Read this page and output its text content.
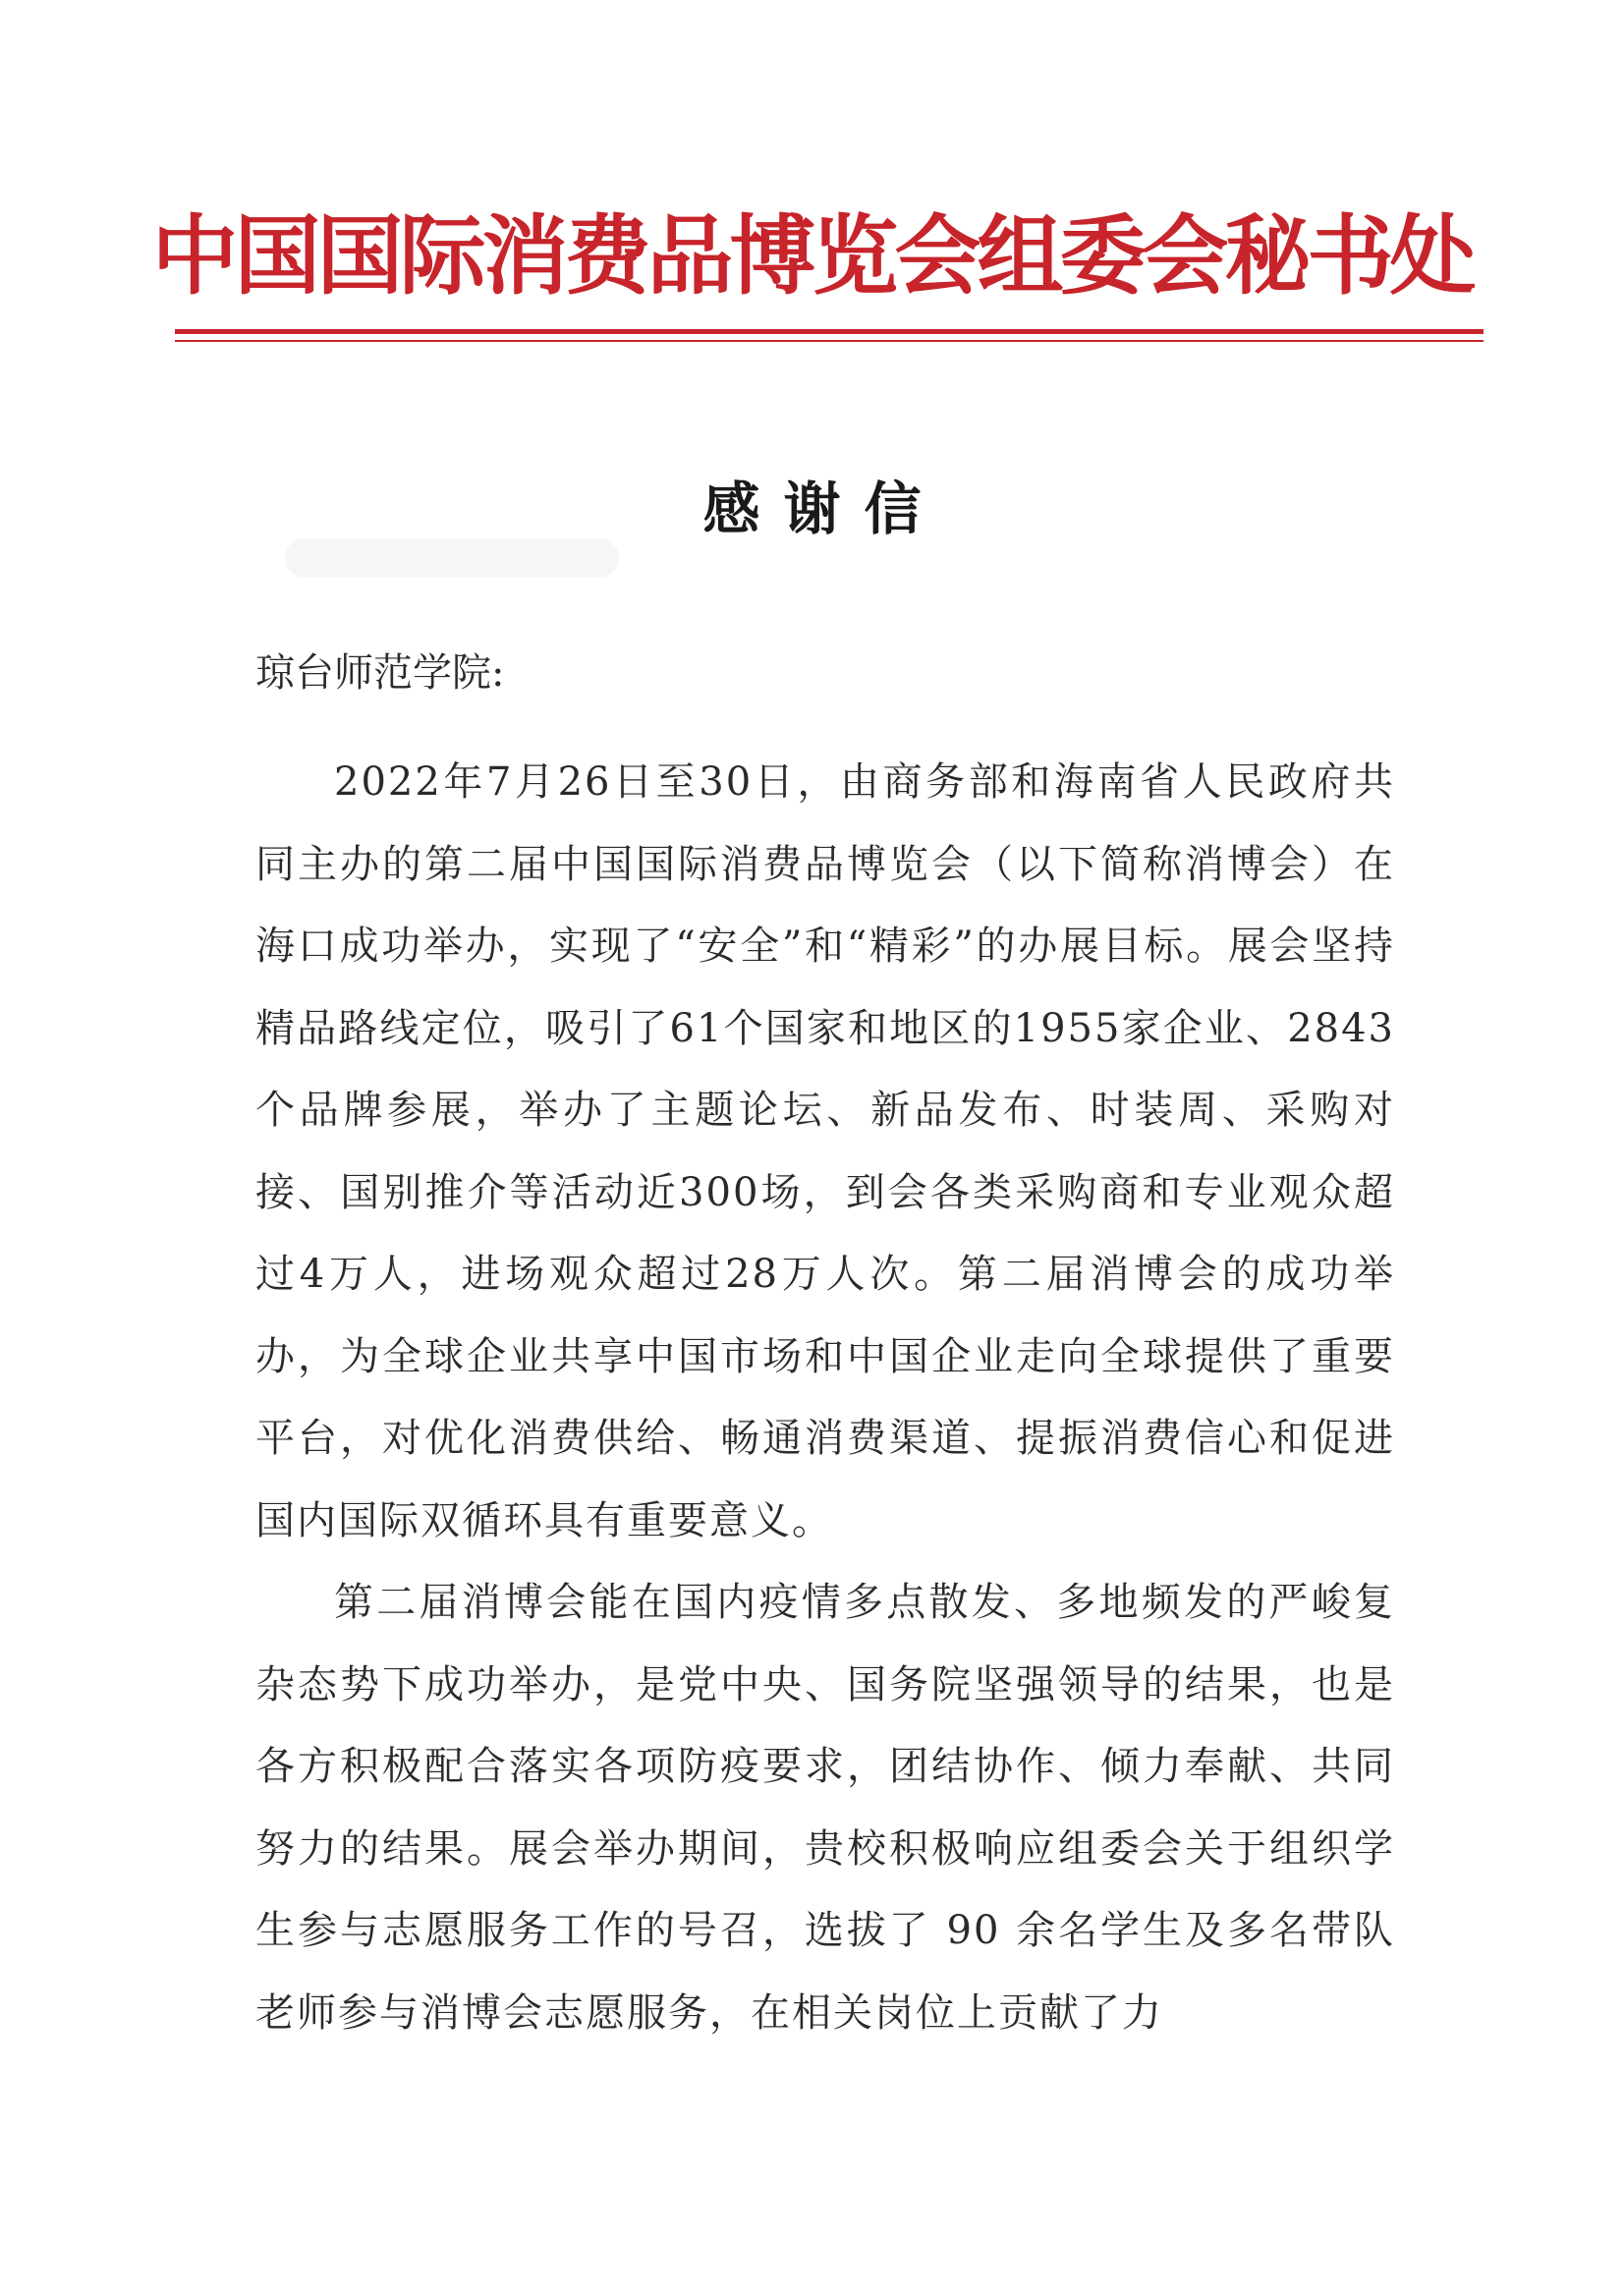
中国国际消费品博览会组委会秘书处
感谢信
琼台师范学院:

2022年7月26日至30日，由商务部和海南省人民政府共同主办的第二届中国国际消费品博览会（以下简称消博会）在海口成功举办，实现了“安全”和“精彩”的办展目标。展会坚持精品路线定位，吸引了61个国家和地区的1955家企业、2843个品牌参展，举办了主题论坛、新品发布、时装周、采购对接、国别推介等活动近300场，到会各类采购商和专业观众超过4万人，进场观众超过28万人次。第二届消博会的成功举办，为全球企业共享中国市场和中国企业走向全球提供了重要平台，对优化消费供给、畅通消费渠道、提振消费信心和促进国内国际双循环具有重要意义。

第二届消博会能在国内疫情多点散发、多地频发的严峻复杂态势下成功举办，是党中央、国务院坚强领导的结果，也是各方积极配合落实各项防疫要求，团结协作、倾力奉献、共同努力的结果。展会举办期间，贵校积极响应组委会关于组织学生参与志愿服务工作的号召，选拔了 90 余名学生及多名带队老师参与消博会志愿服务，在相关岗位上贡献了力
